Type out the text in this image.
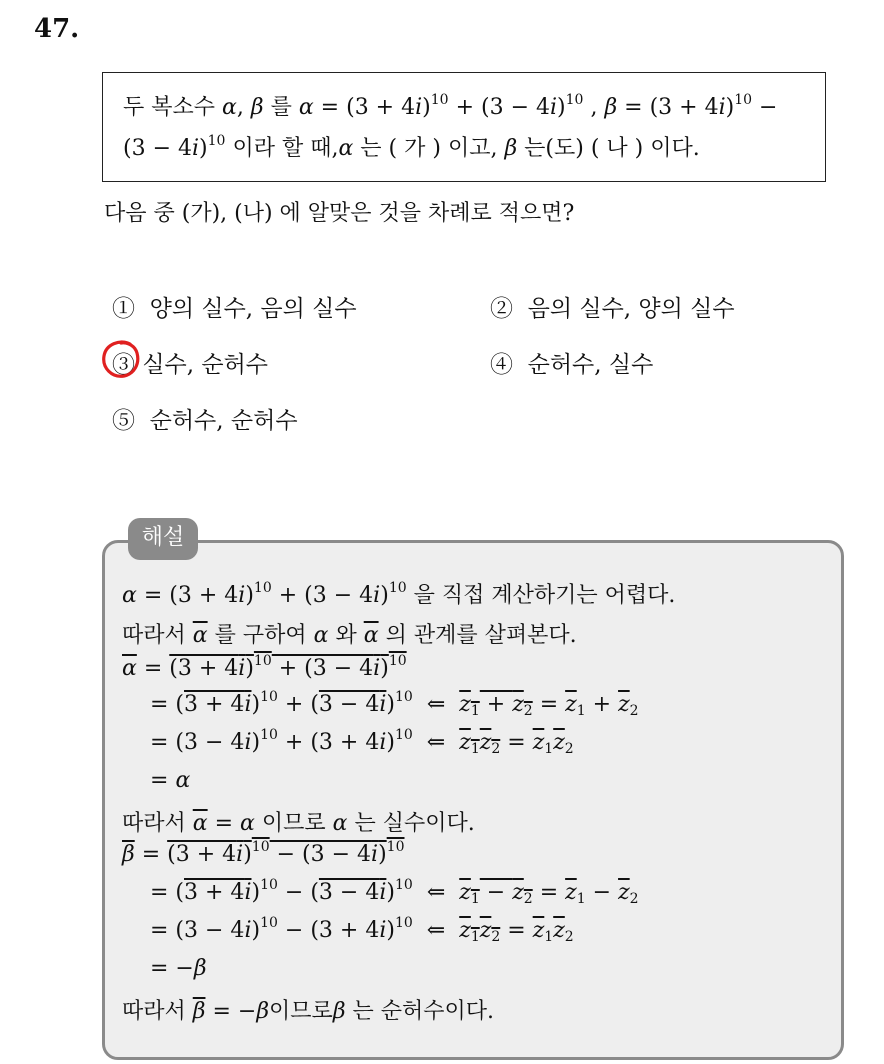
47.
두 복소수 α, β 를 $\alpha = (3 + 4i)^{10} + (3 - 4i)^{10}$ , $\beta = (3 + 4i)^{10}$ −
$(3 - 4i)^{10}$ 이라 할 때,α 는 ( 가 ) 이고, β 는(도) ( 나 ) 이다.
다음 중 (가), (나) 에 알맞은 것을 차례로 적으면?
① 양의 실수, 음의 실수	② 음의 실수, 양의 실수
③ 실수, 순허수	④ 순허수, 실수
⑤ 순허수, 순허수
해설
$\alpha = (3 + 4i)^{10} + (3 - 4i)^{10}$ 을 직접 계산하기는 어렵다.
따라서 $\overline{\alpha}$ 를 구하여 α 와 $\overline{\alpha}$ 의 관계를 살펴본다.
$\overline{\alpha} = (3 + 4i)^{10} + (3 - 4i)^{10}$
= $(3 + 4i)^{10} + (3 - 4i)^{10}$ ⇐ $z_1 + z_2 = \overline{z}_1 + \overline{z}_2$
= $(3 - 4i)^{10} + (3 + 4i)^{10}$ ⇐ $z_1z_2 = \overline{z}_1\overline{z}_2$
= α
따라서 $\overline{\alpha} = \alpha$ 이므로 α 는 실수이다.
$\overline{\beta} = (3 + 4i)^{10} - (3 - 4i)^{10}$
= $(3 + 4i)^{10} - (3 - 4i)^{10}$ ⇐ $z_1 - z_2 = \overline{z}_1 - \overline{z}_2$
= $(3 - 4i)^{10} - (3 + 4i)^{10}$ ⇐ $z_1z_2 = \overline{z}_1\overline{z}_2$
= −β
따라서 $\overline{\beta} = -\beta$이므로β 는 순허수이다.
